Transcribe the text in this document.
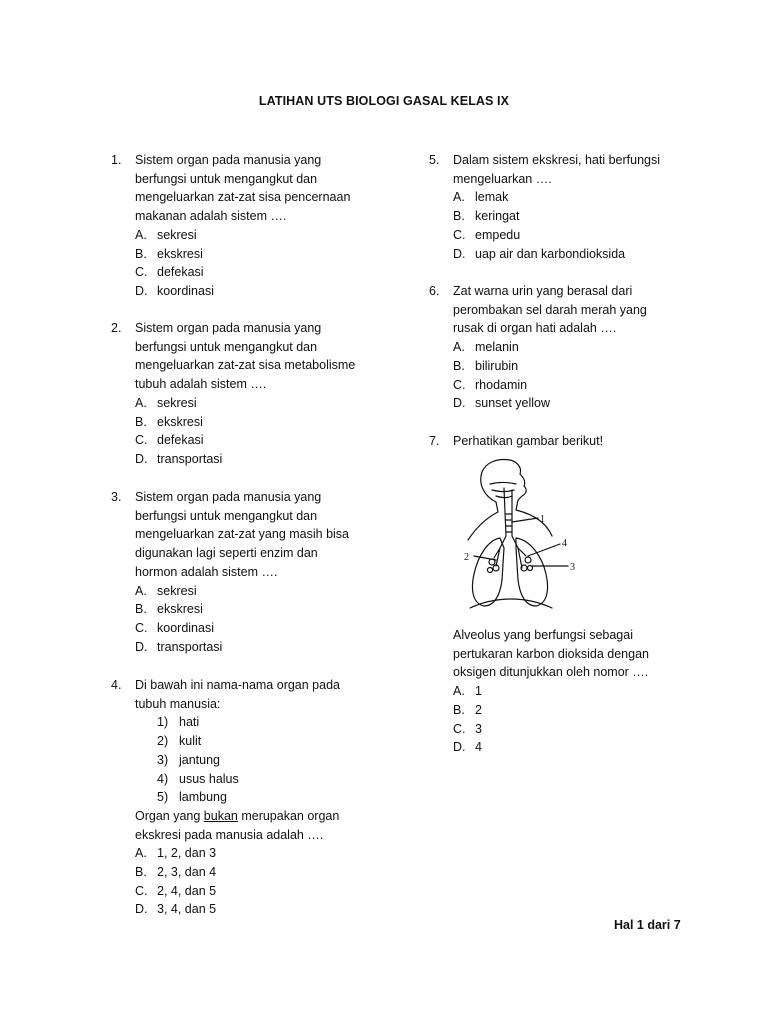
LATIHAN UTS BIOLOGI GASAL KELAS IX
1. Sistem organ pada manusia yang
berfungsi untuk mengangkut dan
mengeluarkan zat-zat sisa pencernaan
makanan adalah sistem ….
A. sekresi
B. ekskresi
C. defekasi
D. koordinasi
2. Sistem organ pada manusia yang
berfungsi untuk mengangkut dan
mengeluarkan zat-zat sisa metabolisme
tubuh adalah sistem ….
A. sekresi
B. ekskresi
C. defekasi
D. transportasi
3. Sistem organ pada manusia yang
berfungsi untuk mengangkut dan
mengeluarkan zat-zat yang masih bisa
digunakan lagi seperti enzim dan
hormon adalah sistem ….
A. sekresi
B. ekskresi
C. koordinasi
D. transportasi
4. Di bawah ini nama-nama organ pada
tubuh manusia:
1) hati
2) kulit
3) jantung
4) usus halus
5) lambung
Organ yang bukan merupakan organ
ekskresi pada manusia adalah ….
A. 1, 2, dan 3
B. 2, 3, dan 4
C. 2, 4, dan 5
D. 3, 4, dan 5
5. Dalam sistem ekskresi, hati berfungsi
mengeluarkan ….
A. lemak
B. keringat
C. empedu
D. uap air dan karbondioksida
6. Zat warna urin yang berasal dari
perombakan sel darah merah yang
rusak di organ hati adalah ….
A. melanin
B. bilirubin
C. rhodamin
D. sunset yellow
7. Perhatikan gambar berikut!
1
2
3
4
Alveolus yang berfungsi sebagai
pertukaran karbon dioksida dengan
oksigen ditunjukkan oleh nomor ….
A. 1
B. 2
C. 3
D. 4
Hal 1 dari 7
